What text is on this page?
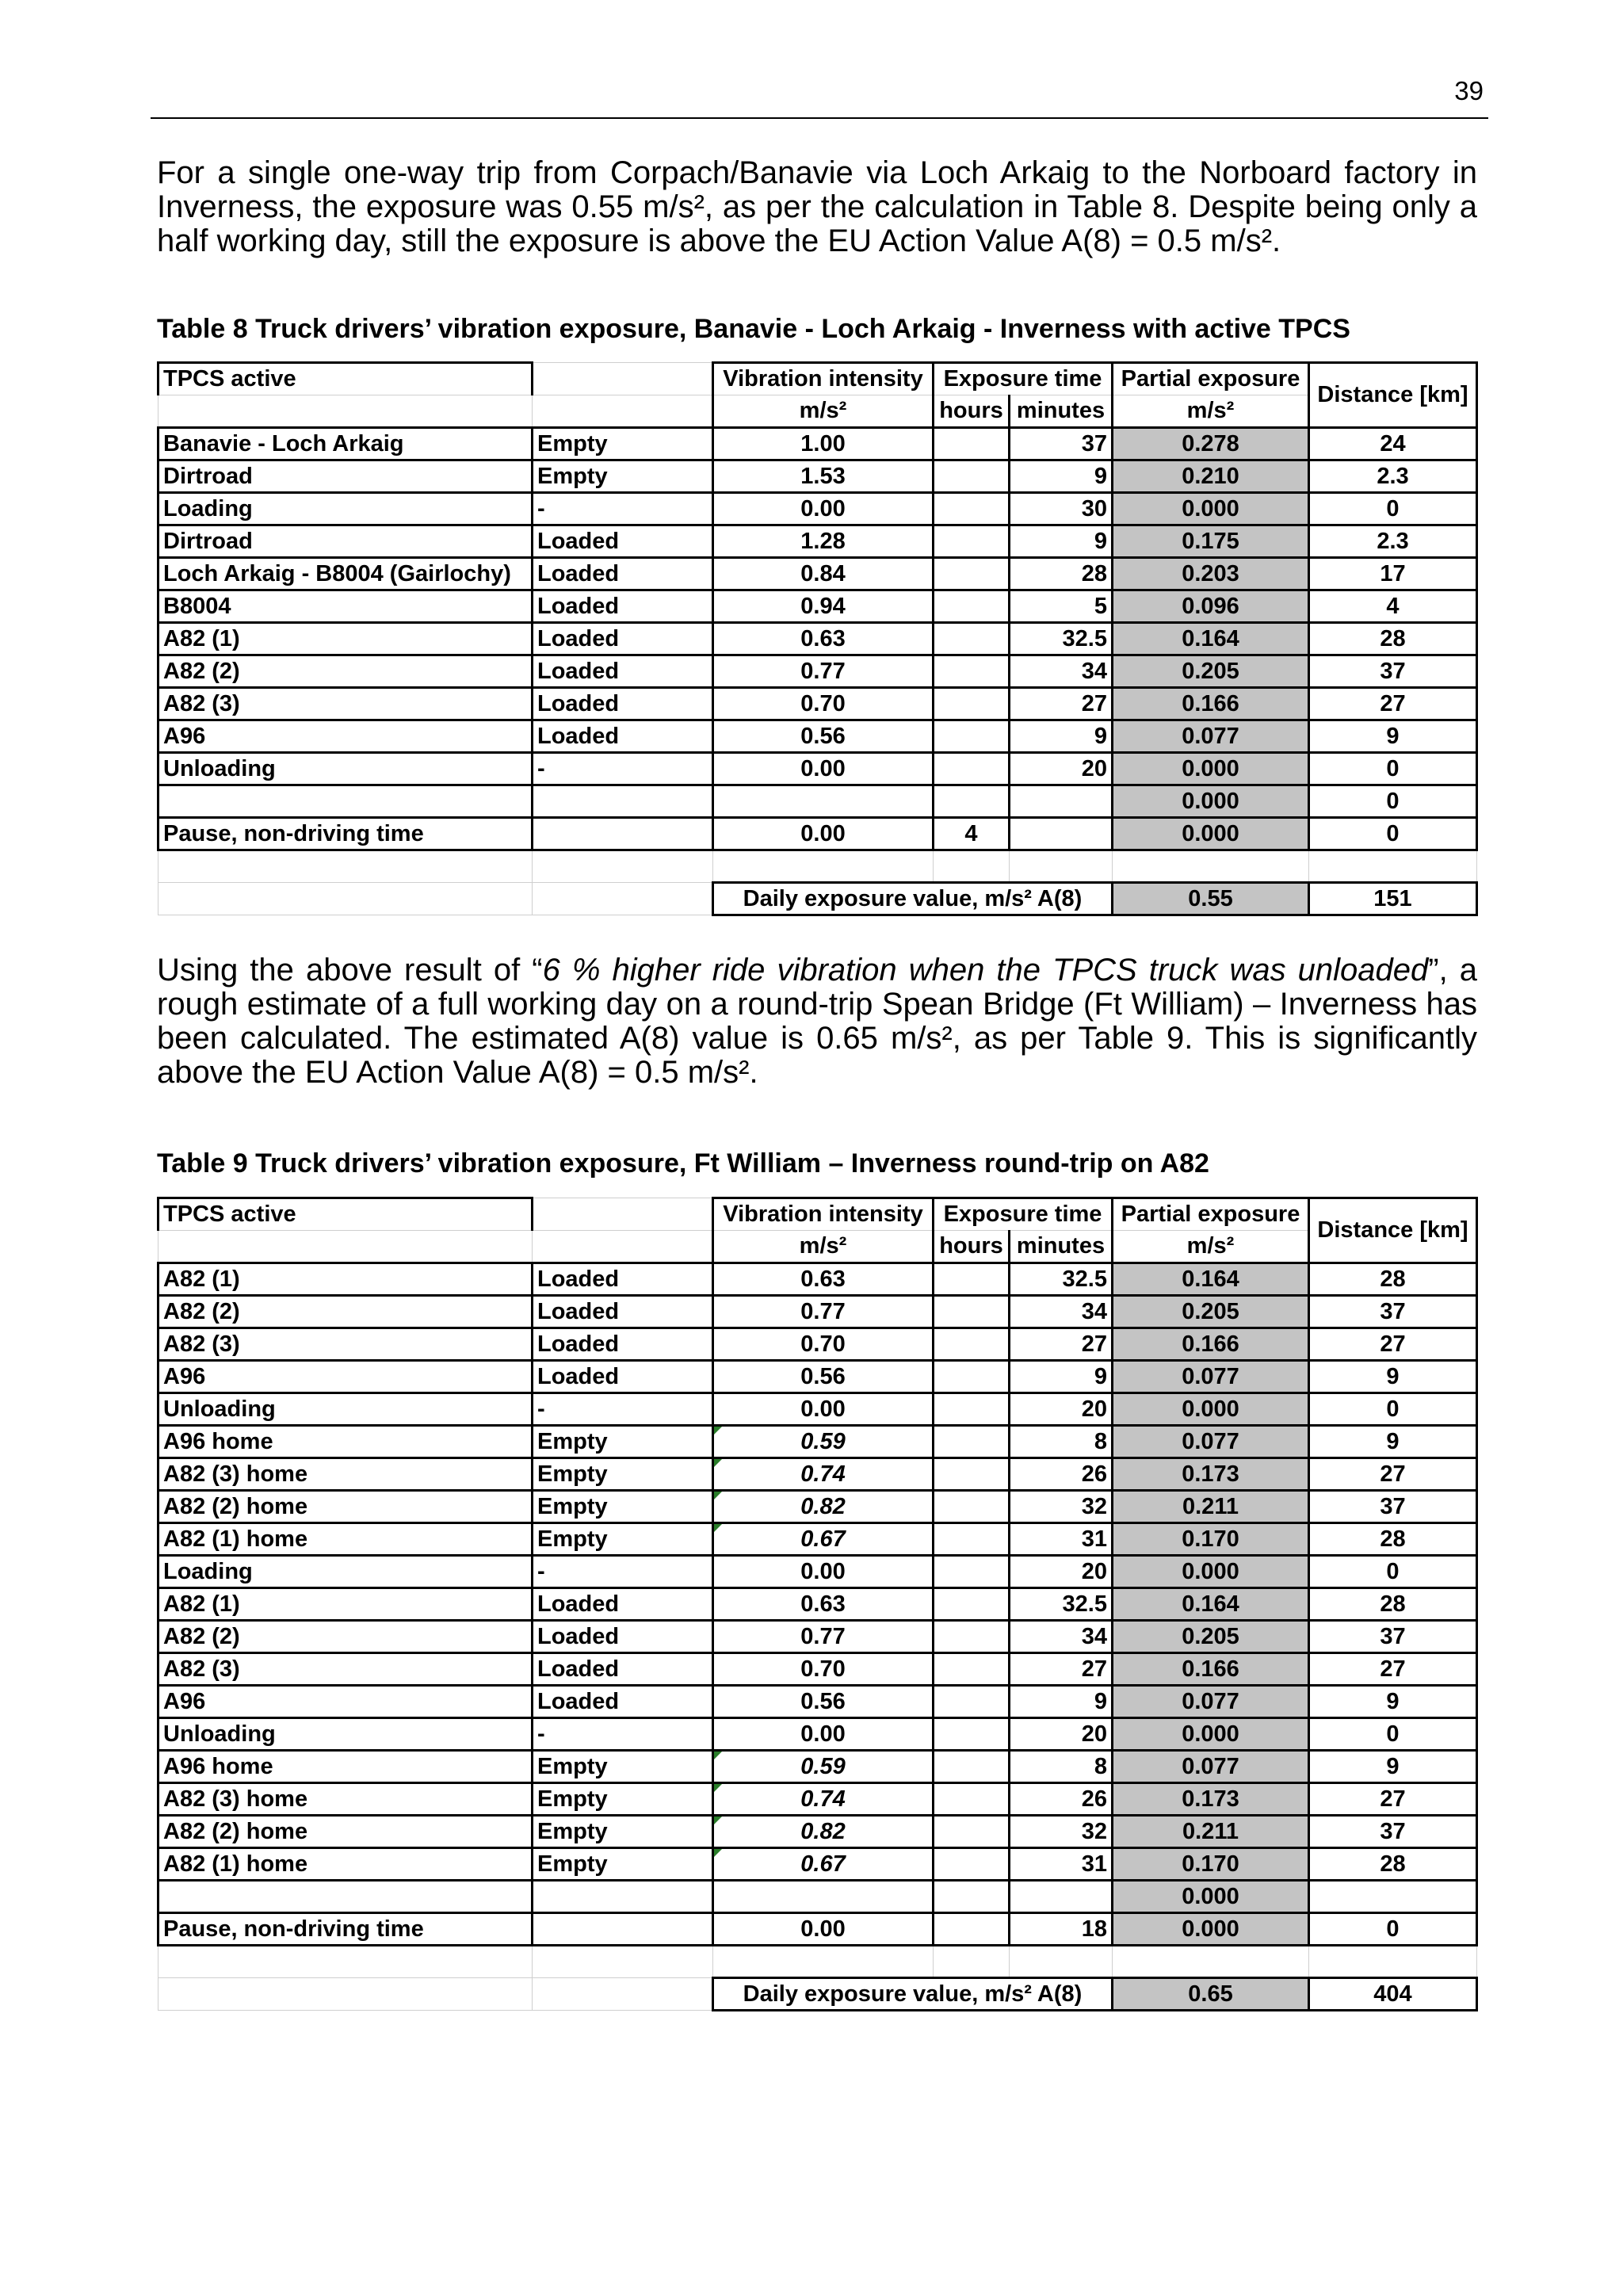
39

For a single one-way trip from Corpach/Banavie via Loch Arkaig to the Norboard factory in Inverness, the exposure was 0.55 m/s², as per the calculation in Table 8. Despite being only a half working day, still the exposure is above the EU Action Value A(8) = 0.5 m/s².

Table 8 Truck drivers’ vibration exposure, Banavie - Loch Arkaig - Inverness with active TPCS

TPCS active		Vibration intensity	Exposure time		Partial exposure	Distance [km]
		m/s²	hours	minutes	m/s²	
Banavie - Loch Arkaig	Empty	1.00		37	0.278	24
Dirtroad	Empty	1.53		9	0.210	2.3
Loading	-	0.00		30	0.000	0
Dirtroad	Loaded	1.28		9	0.175	2.3
Loch Arkaig - B8004 (Gairlochy)	Loaded	0.84		28	0.203	17
B8004	Loaded	0.94		5	0.096	4
A82 (1)	Loaded	0.63		32.5	0.164	28
A82 (2)	Loaded	0.77		34	0.205	37
A82 (3)	Loaded	0.70		27	0.166	27
A96	Loaded	0.56		9	0.077	9
Unloading	-	0.00		20	0.000	0
					0.000	0
Pause, non-driving time		0.00	4		0.000	0

		Daily exposure value, m/s² A(8)			0.55	151

Using the above result of “6 % higher ride vibration when the TPCS truck was unloaded”, a rough estimate of a full working day on a round-trip Spean Bridge (Ft William) – Inverness has been calculated. The estimated A(8) value is 0.65 m/s², as per Table 9. This is significantly above the EU Action Value A(8) = 0.5 m/s².

Table 9 Truck drivers’ vibration exposure, Ft William – Inverness round-trip on A82

TPCS active		Vibration intensity	Exposure time		Partial exposure	Distance [km]
		m/s²	hours	minutes	m/s²	
A82 (1)	Loaded	0.63		32.5	0.164	28
A82 (2)	Loaded	0.77		34	0.205	37
A82 (3)	Loaded	0.70		27	0.166	27
A96	Loaded	0.56		9	0.077	9
Unloading	-	0.00		20	0.000	0
A96 home	Empty	0.59		8	0.077	9
A82 (3) home	Empty	0.74		26	0.173	27
A82 (2) home	Empty	0.82		32	0.211	37
A82 (1) home	Empty	0.67		31	0.170	28
Loading	-	0.00		20	0.000	0
A82 (1)	Loaded	0.63		32.5	0.164	28
A82 (2)	Loaded	0.77		34	0.205	37
A82 (3)	Loaded	0.70		27	0.166	27
A96	Loaded	0.56		9	0.077	9
Unloading	-	0.00		20	0.000	0
A96 home	Empty	0.59		8	0.077	9
A82 (3) home	Empty	0.74		26	0.173	27
A82 (2) home	Empty	0.82		32	0.211	37
A82 (1) home	Empty	0.67		31	0.170	28
					0.000	
Pause, non-driving time		0.00		18	0.000	0

		Daily exposure value, m/s² A(8)			0.65	404
